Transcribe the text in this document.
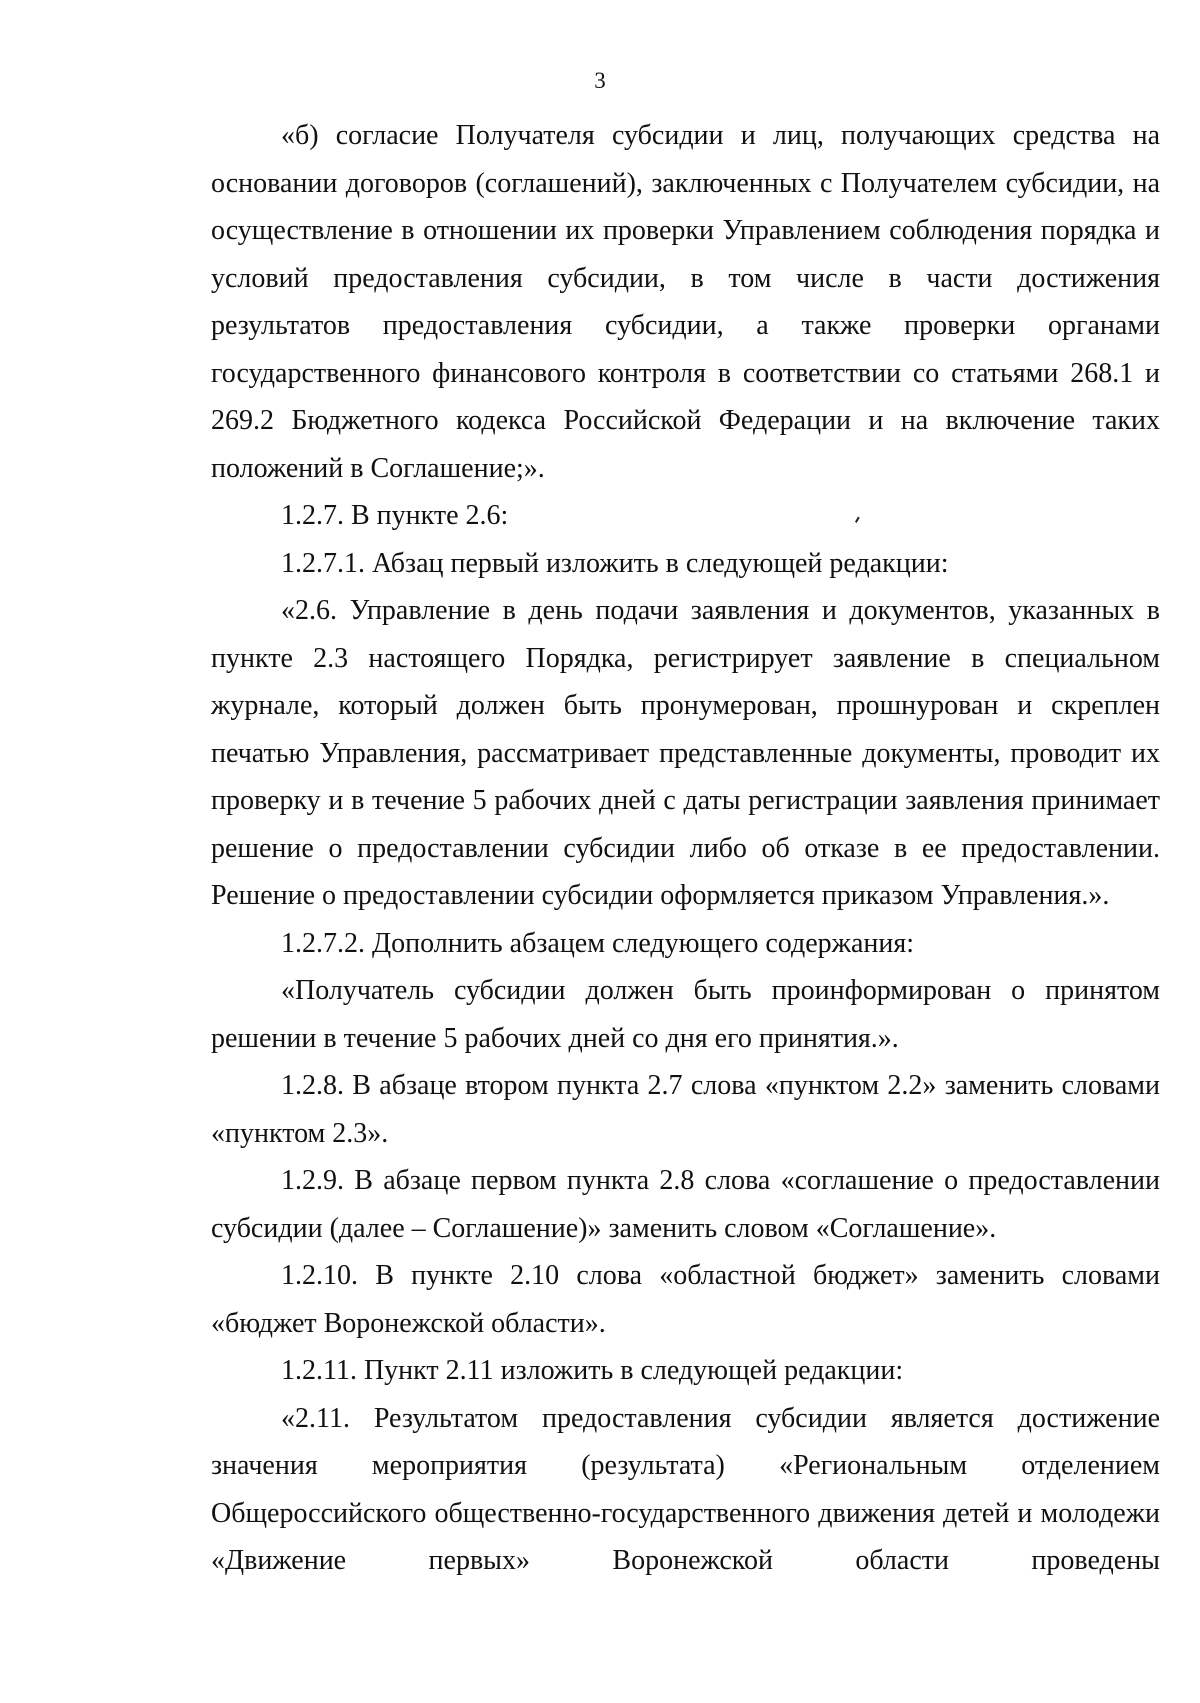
3

«б) согласие Получателя субсидии и лиц, получающих средства на основании договоров (соглашений), заключенных с Получателем субсидии, на осуществление в отношении их проверки Управлением соблюдения порядка и условий предоставления субсидии, в том числе в части достижения результатов предоставления субсидии, а также проверки органами государственного финансового контроля в соответствии со статьями 268.1 и 269.2 Бюджетного кодекса Российской Федерации и на включение таких положений в Соглашение;».

1.2.7. В пункте 2.6:

1.2.7.1. Абзац первый изложить в следующей редакции:

«2.6. Управление в день подачи заявления и документов, указанных в пункте 2.3 настоящего Порядка, регистрирует заявление в специальном журнале, который должен быть пронумерован, прошнурован и скреплен печатью Управления, рассматривает представленные документы, проводит их проверку и в течение 5 рабочих дней с даты регистрации заявления принимает решение о предоставлении субсидии либо об отказе в ее предоставлении. Решение о предоставлении субсидии оформляется приказом Управления.».

1.2.7.2. Дополнить абзацем следующего содержания:

«Получатель субсидии должен быть проинформирован о принятом решении в течение 5 рабочих дней со дня его принятия.».

1.2.8. В абзаце втором пункта 2.7 слова «пунктом 2.2» заменить словами «пунктом 2.3».

1.2.9. В абзаце первом пункта 2.8 слова «соглашение о предоставлении субсидии (далее – Соглашение)» заменить словом «Соглашение».

1.2.10. В пункте 2.10 слова «областной бюджет» заменить словами «бюджет Воронежской области».

1.2.11. Пункт 2.11 изложить в следующей редакции:

«2.11. Результатом предоставления субсидии является достижение значения мероприятия (результата) «Региональным отделением Общероссийского общественно-государственного движения детей и молодежи «Движение первых» Воронежской области проведены
